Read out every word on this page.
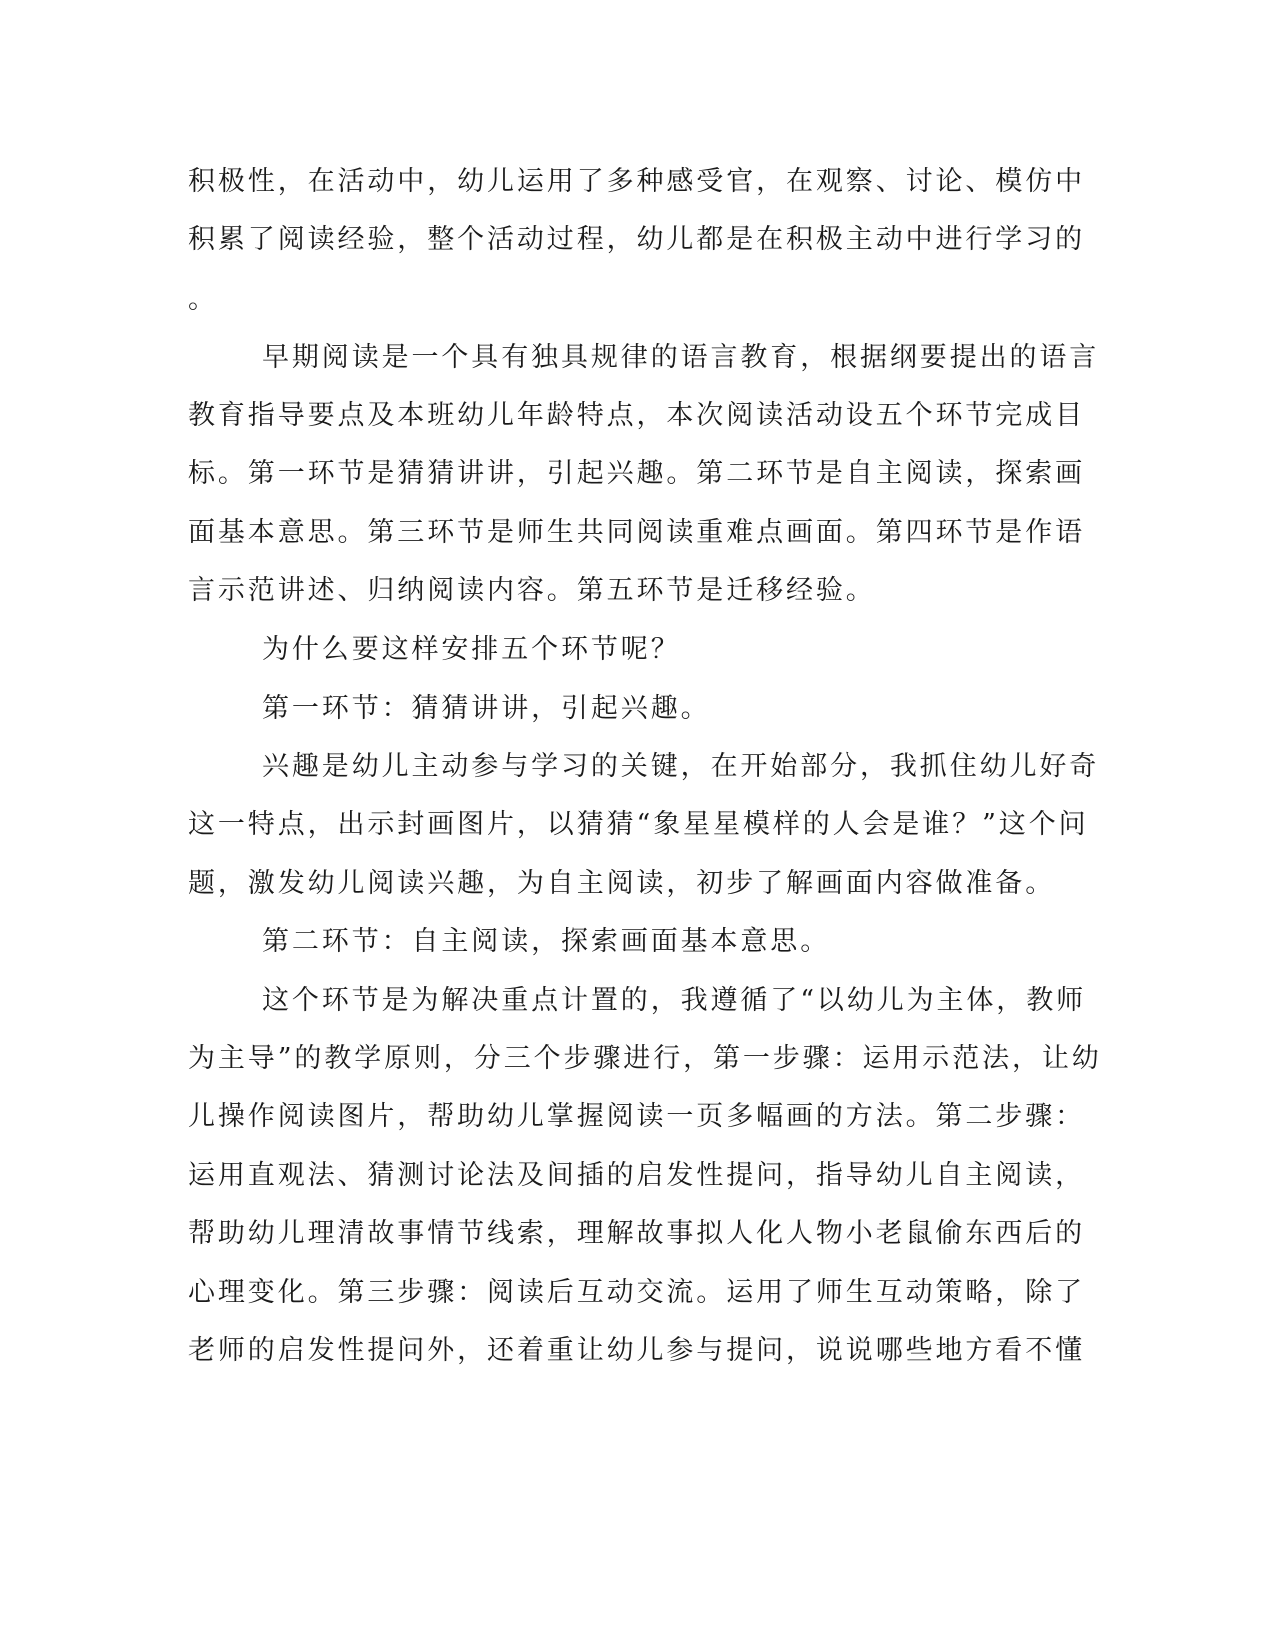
积极性，在活动中，幼儿运用了多种感受官，在观察、讨论、模仿中
积累了阅读经验，整个活动过程，幼儿都是在积极主动中进行学习的
。
早期阅读是一个具有独具规律的语言教育，根据纲要提出的语言
教育指导要点及本班幼儿年龄特点，本次阅读活动设五个环节完成目
标。第一环节是猜猜讲讲，引起兴趣。第二环节是自主阅读，探索画
面基本意思。第三环节是师生共同阅读重难点画面。第四环节是作语
言示范讲述、归纳阅读内容。第五环节是迁移经验。
为什么要这样安排五个环节呢？
第一环节：猜猜讲讲，引起兴趣。
兴趣是幼儿主动参与学习的关键，在开始部分，我抓住幼儿好奇
这一特点，出示封画图片，以猜猜“象星星模样的人会是谁？”这个问
题，激发幼儿阅读兴趣，为自主阅读，初步了解画面内容做准备。
第二环节：自主阅读，探索画面基本意思。
这个环节是为解决重点计置的，我遵循了“以幼儿为主体，教师
为主导”的教学原则，分三个步骤进行，第一步骤：运用示范法，让幼
儿操作阅读图片，帮助幼儿掌握阅读一页多幅画的方法。第二步骤：
运用直观法、猜测讨论法及间插的启发性提问，指导幼儿自主阅读，
帮助幼儿理清故事情节线索，理解故事拟人化人物小老鼠偷东西后的
心理变化。第三步骤：阅读后互动交流。运用了师生互动策略，除了
老师的启发性提问外，还着重让幼儿参与提问，说说哪些地方看不懂
